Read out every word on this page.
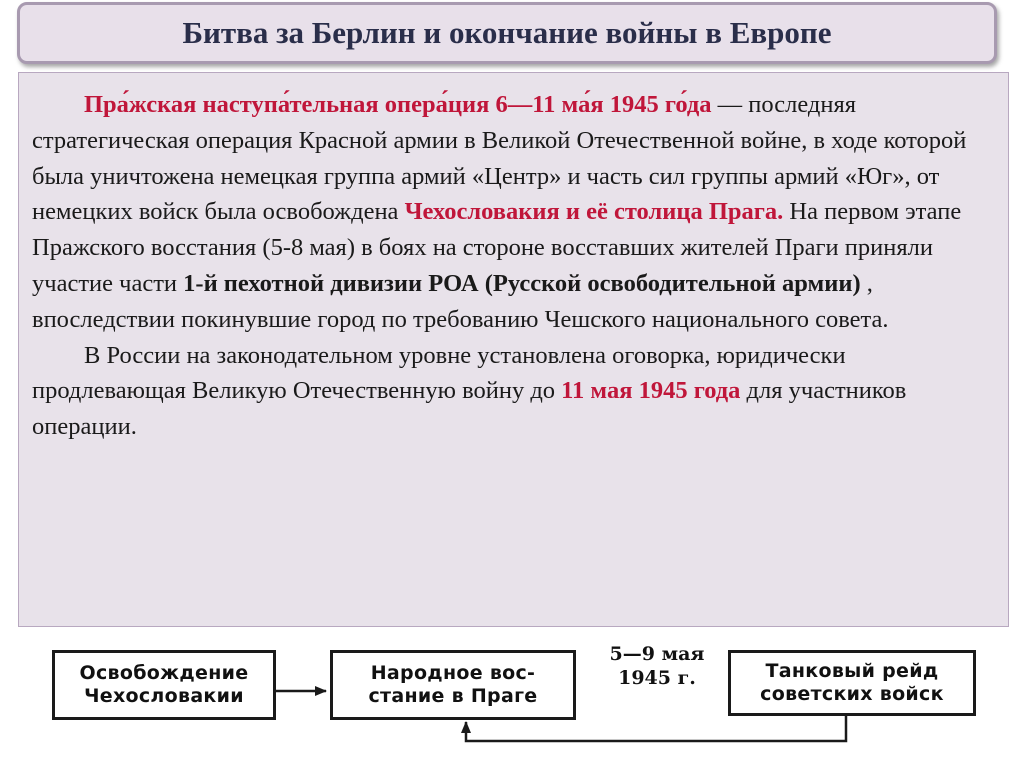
Битва за Берлин и окончание войны в Европе

Пра́жская наступа́тельная опера́ция 6—11 ма́я 1945 го́да — последняя стратегическая операция Красной армии в Великой Отечественной войне, в ходе которой была уничтожена немецкая группа армий «Центр» и часть сил группы армий «Юг», от немецких войск была освобождена Чехословакия и её столица Прага. На первом этапе Пражского восстания (5-8 мая) в боях на стороне восставших жителей Праги приняли участие части 1-й пехотной дивизии РОА (Русской освободительной армии) , впоследствии покинувшие город по требованию Чешского национального совета.

В России на законодательном уровне установлена оговорка, юридически продлевающая Великую Отечественную войну до 11 мая 1945 года для участников операции.

Освобождение
Чехословакии
Народное вос-
стание в Праге
5—9 мая
1945 г.	Танковый рейд
советских войск
